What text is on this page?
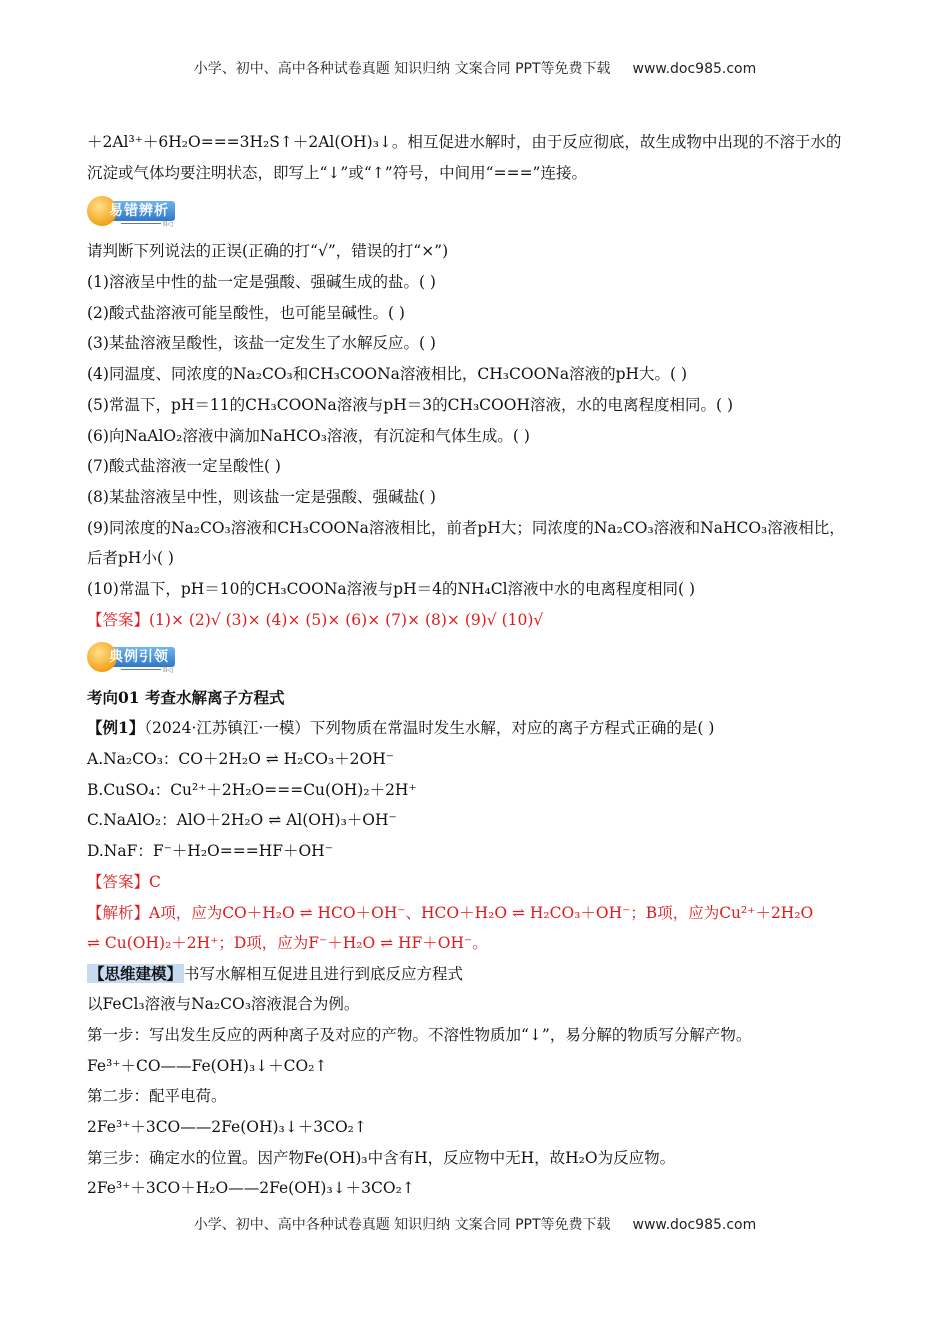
小学、初中、高中各种试卷真题 知识归纳 文案合同 PPT等免费下载 www.doc985.com
＋2Al³⁺＋6H₂O===3H₂S↑＋2Al(OH)₃↓。相互促进水解时，由于反应彻底，故生成物中出现的不溶于水的
沉淀或气体均要注明状态，即写上“↓”或“↑”符号，中间用“===”连接。
易错辨析
II◁
请判断下列说法的正误(正确的打“√”，错误的打“×”)
(1)溶液呈中性的盐一定是强酸、强碱生成的盐。( )
(2)酸式盐溶液可能呈酸性，也可能呈碱性。( )
(3)某盐溶液呈酸性，该盐一定发生了水解反应。( )
(4)同温度、同浓度的Na₂CO₃和CH₃COONa溶液相比，CH₃COONa溶液的pH大。( )
(5)常温下，pH＝11的CH₃COONa溶液与pH＝3的CH₃COOH溶液，水的电离程度相同。( )
(6)向NaAlO₂溶液中滴加NaHCO₃溶液，有沉淀和气体生成。( )
(7)酸式盐溶液一定呈酸性( )
(8)某盐溶液呈中性，则该盐一定是强酸、强碱盐( )
(9)同浓度的Na₂CO₃溶液和CH₃COONa溶液相比，前者pH大；同浓度的Na₂CO₃溶液和NaHCO₃溶液相比，
后者pH小( )
(10)常温下，pH＝10的CH₃COONa溶液与pH＝4的NH₄Cl溶液中水的电离程度相同( )
【答案】(1)× (2)√ (3)× (4)× (5)× (6)× (7)× (8)× (9)√ (10)√
典例引领
II◁
考向01 考查水解离子方程式
【例1】（2024·江苏镇江·一模）下列物质在常温时发生水解，对应的离子方程式正确的是( )
A.Na₂CO₃：CO＋2H₂O ⇌ H₂CO₃＋2OH⁻
B.CuSO₄：Cu²⁺＋2H₂O===Cu(OH)₂＋2H⁺
C.NaAlO₂：AlO＋2H₂O ⇌ Al(OH)₃＋OH⁻
D.NaF：F⁻＋H₂O===HF＋OH⁻
【答案】C
【解析】A项，应为CO＋H₂O ⇌ HCO＋OH⁻、HCO＋H₂O ⇌ H₂CO₃＋OH⁻；B项，应为Cu²⁺＋2H₂O
⇌ Cu(OH)₂＋2H⁺；D项，应为F⁻＋H₂O ⇌ HF＋OH⁻。
【思维建模】 书写水解相互促进且进行到底反应方程式
以FeCl₃溶液与Na₂CO₃溶液混合为例。
第一步：写出发生反应的两种离子及对应的产物。不溶性物质加“↓”，易分解的物质写分解产物。
Fe³⁺＋CO——Fe(OH)₃↓＋CO₂↑
第二步：配平电荷。
2Fe³⁺＋3CO——2Fe(OH)₃↓＋3CO₂↑
第三步：确定水的位置。因产物Fe(OH)₃中含有H，反应物中无H，故H₂O为反应物。
2Fe³⁺＋3CO＋H₂O——2Fe(OH)₃↓＋3CO₂↑
小学、初中、高中各种试卷真题 知识归纳 文案合同 PPT等免费下载 www.doc985.com
